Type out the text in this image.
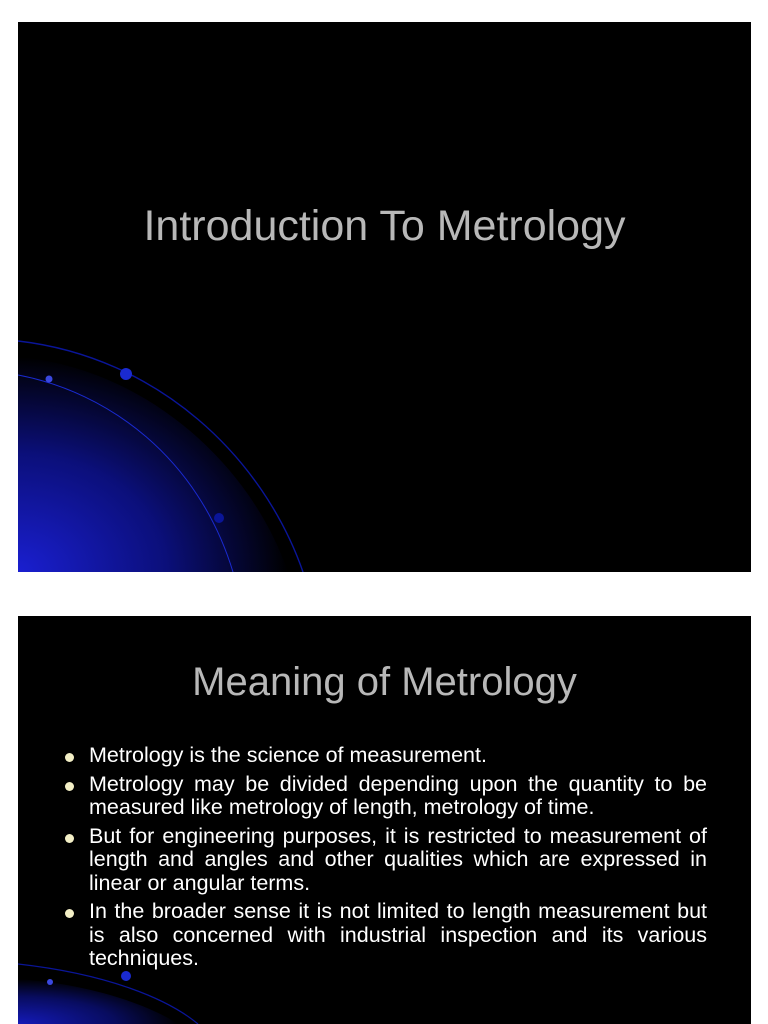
Introduction To Metrology
Meaning of Metrology
Metrology is the science of measurement.
Metrology may be divided depending upon the quantity to be measured like metrology of length, metrology of time.
But for engineering purposes, it is restricted to measurement of length and angles and other qualities which are expressed in linear or angular terms.
In the broader sense it is not limited to length measurement but is also concerned with industrial inspection and its various techniques.
